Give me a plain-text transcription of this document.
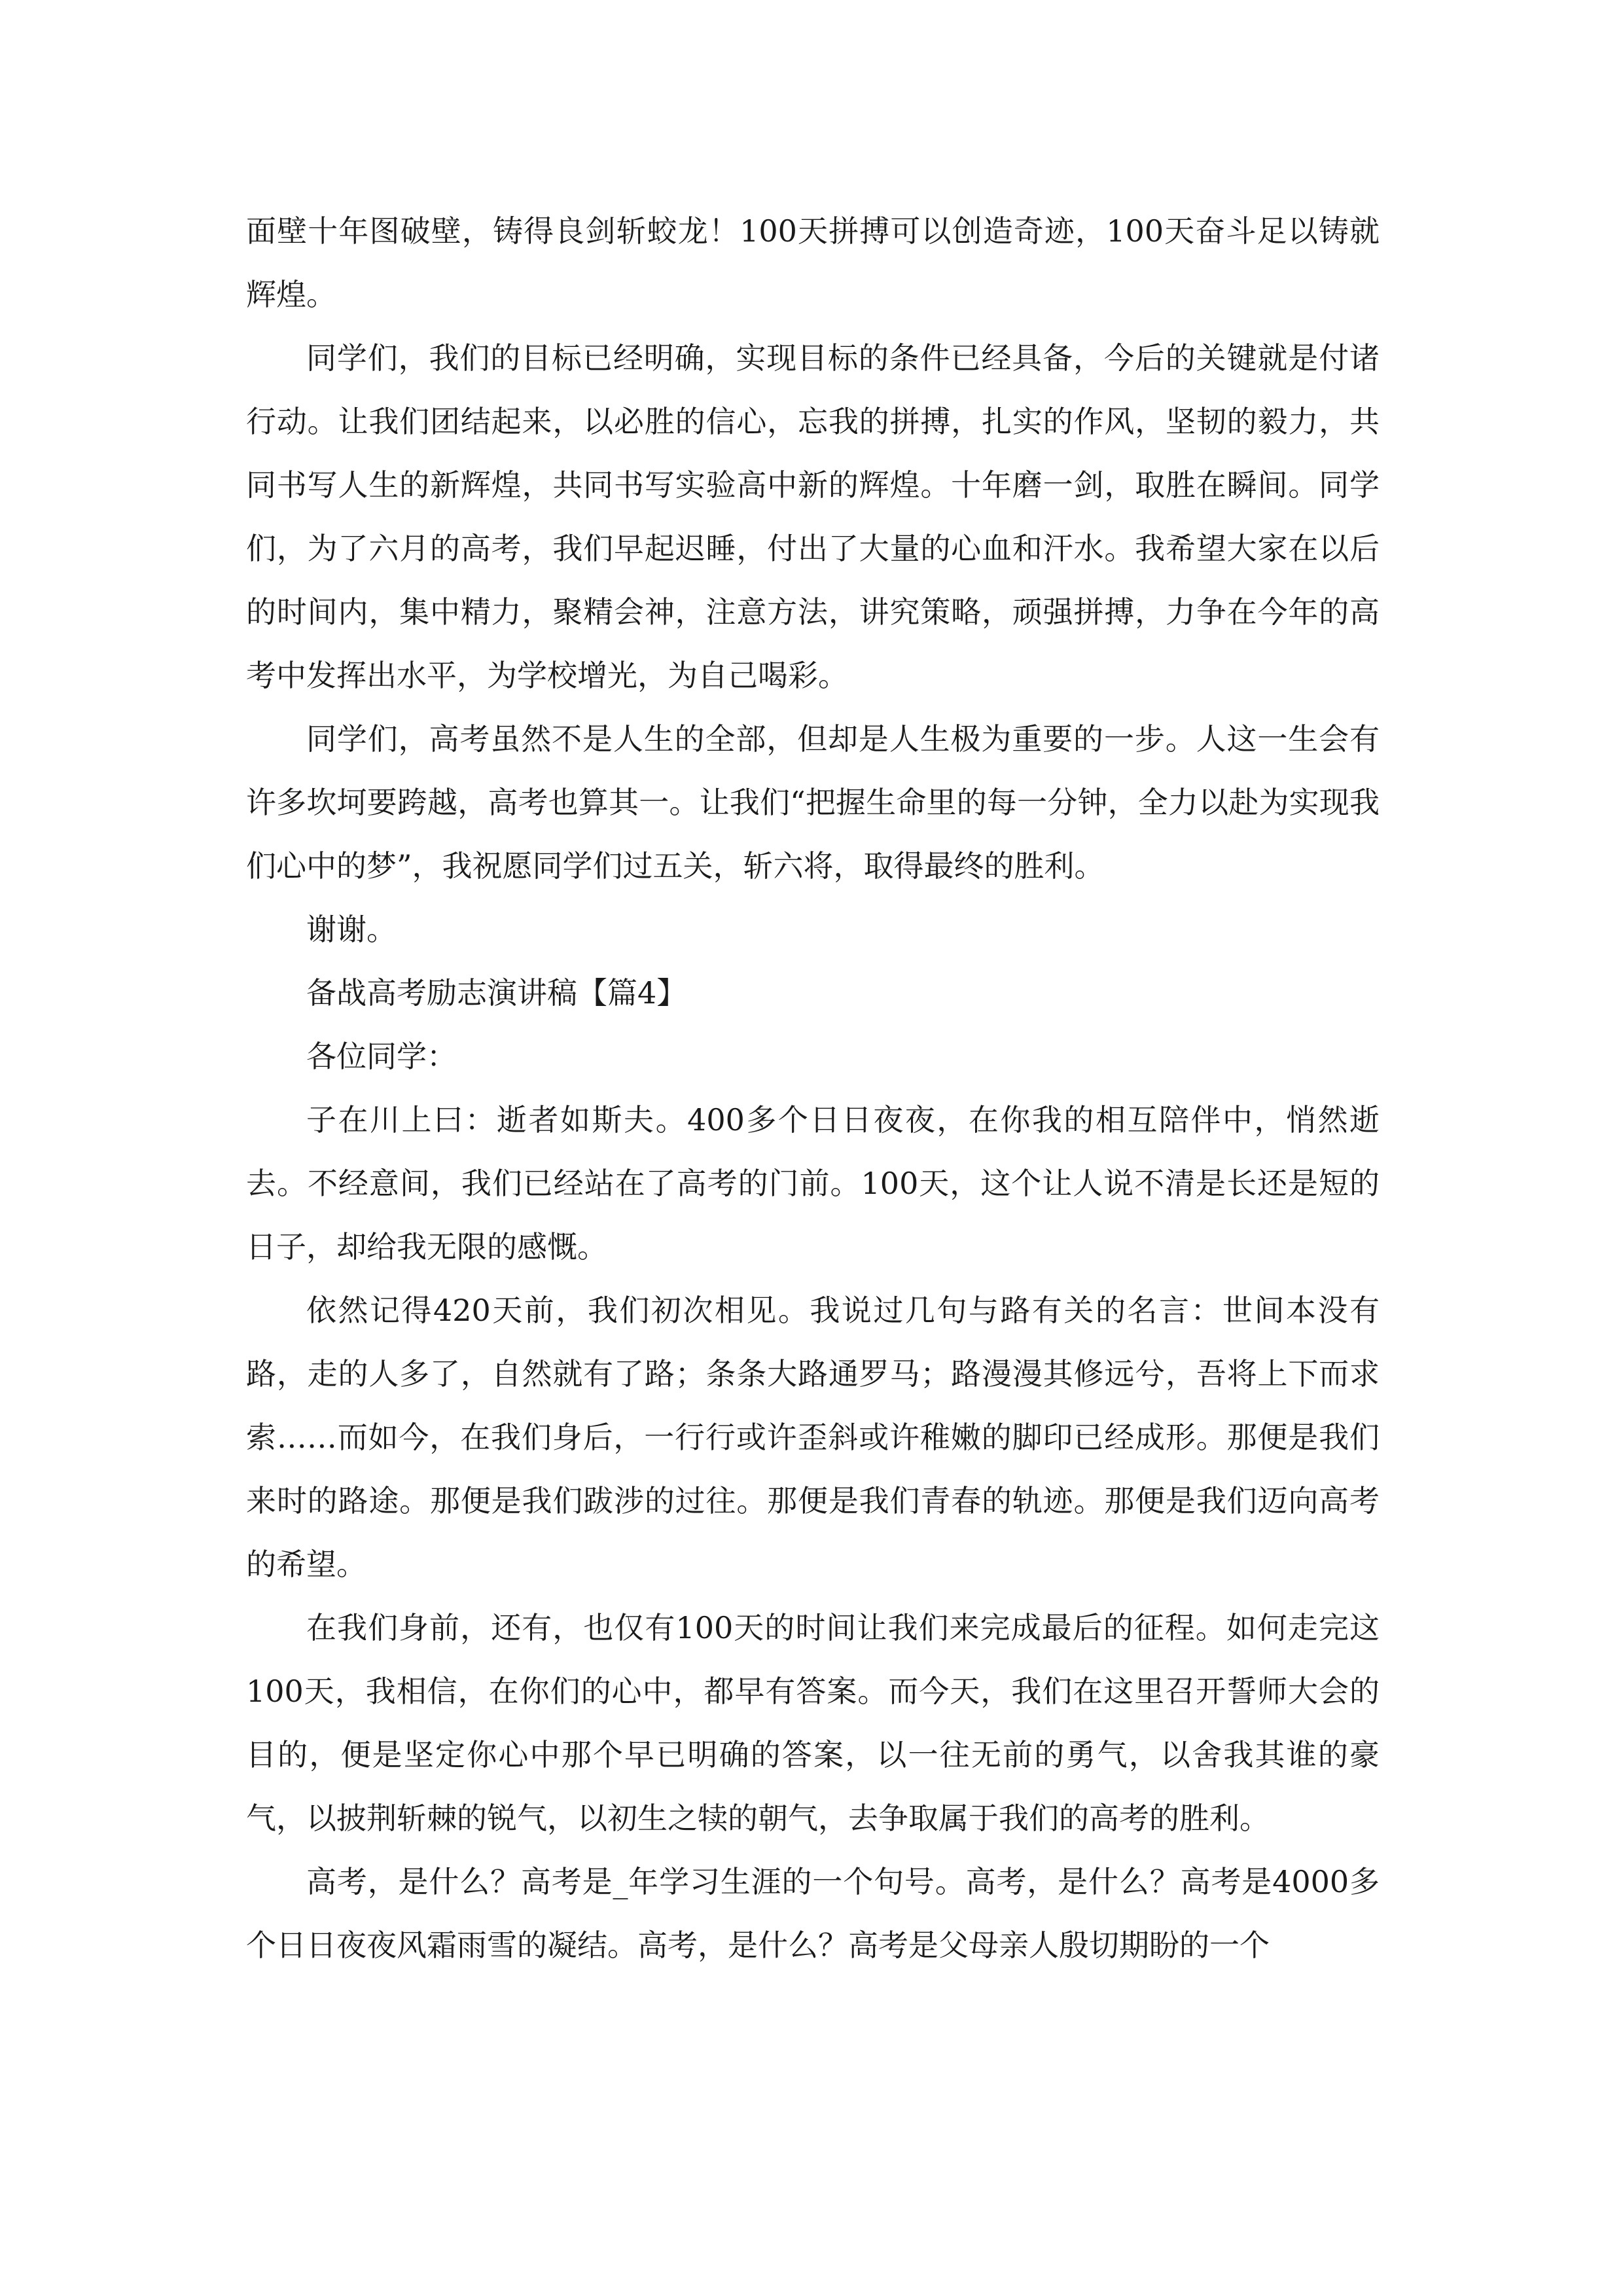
面壁十年图破壁，铸得良剑斩蛟龙！100天拼搏可以创造奇迹，100天奋斗足以铸就辉煌。

同学们，我们的目标已经明确，实现目标的条件已经具备，今后的关键就是付诸行动。让我们团结起来，以必胜的信心，忘我的拼搏，扎实的作风，坚韧的毅力，共同书写人生的新辉煌，共同书写实验高中新的辉煌。十年磨一剑，取胜在瞬间。同学们，为了六月的高考，我们早起迟睡，付出了大量的心血和汗水。我希望大家在以后的时间内，集中精力，聚精会神，注意方法，讲究策略，顽强拼搏，力争在今年的高考中发挥出水平，为学校增光，为自己喝彩。

同学们，高考虽然不是人生的全部，但却是人生极为重要的一步。人这一生会有许多坎坷要跨越，高考也算其一。让我们“把握生命里的每一分钟，全力以赴为实现我们心中的梦”，我祝愿同学们过五关，斩六将，取得最终的胜利。

谢谢。

备战高考励志演讲稿【篇4】

各位同学：

子在川上曰：逝者如斯夫。400多个日日夜夜，在你我的相互陪伴中，悄然逝去。不经意间，我们已经站在了高考的门前。100天，这个让人说不清是长还是短的日子，却给我无限的感慨。

依然记得420天前，我们初次相见。我说过几句与路有关的名言：世间本没有路，走的人多了，自然就有了路；条条大路通罗马；路漫漫其修远兮，吾将上下而求索……而如今，在我们身后，一行行或许歪斜或许稚嫩的脚印已经成形。那便是我们来时的路途。那便是我们跋涉的过往。那便是我们青春的轨迹。那便是我们迈向高考的希望。

在我们身前，还有，也仅有100天的时间让我们来完成最后的征程。如何走完这100天，我相信，在你们的心中，都早有答案。而今天，我们在这里召开誓师大会的目的，便是坚定你心中那个早已明确的答案，以一往无前的勇气，以舍我其谁的豪气，以披荆斩棘的锐气，以初生之犊的朝气，去争取属于我们的高考的胜利。

高考，是什么？高考是_年学习生涯的一个句号。高考，是什么？高考是4000多个日日夜夜风霜雨雪的凝结。高考，是什么？高考是父母亲人殷切期盼的一个
